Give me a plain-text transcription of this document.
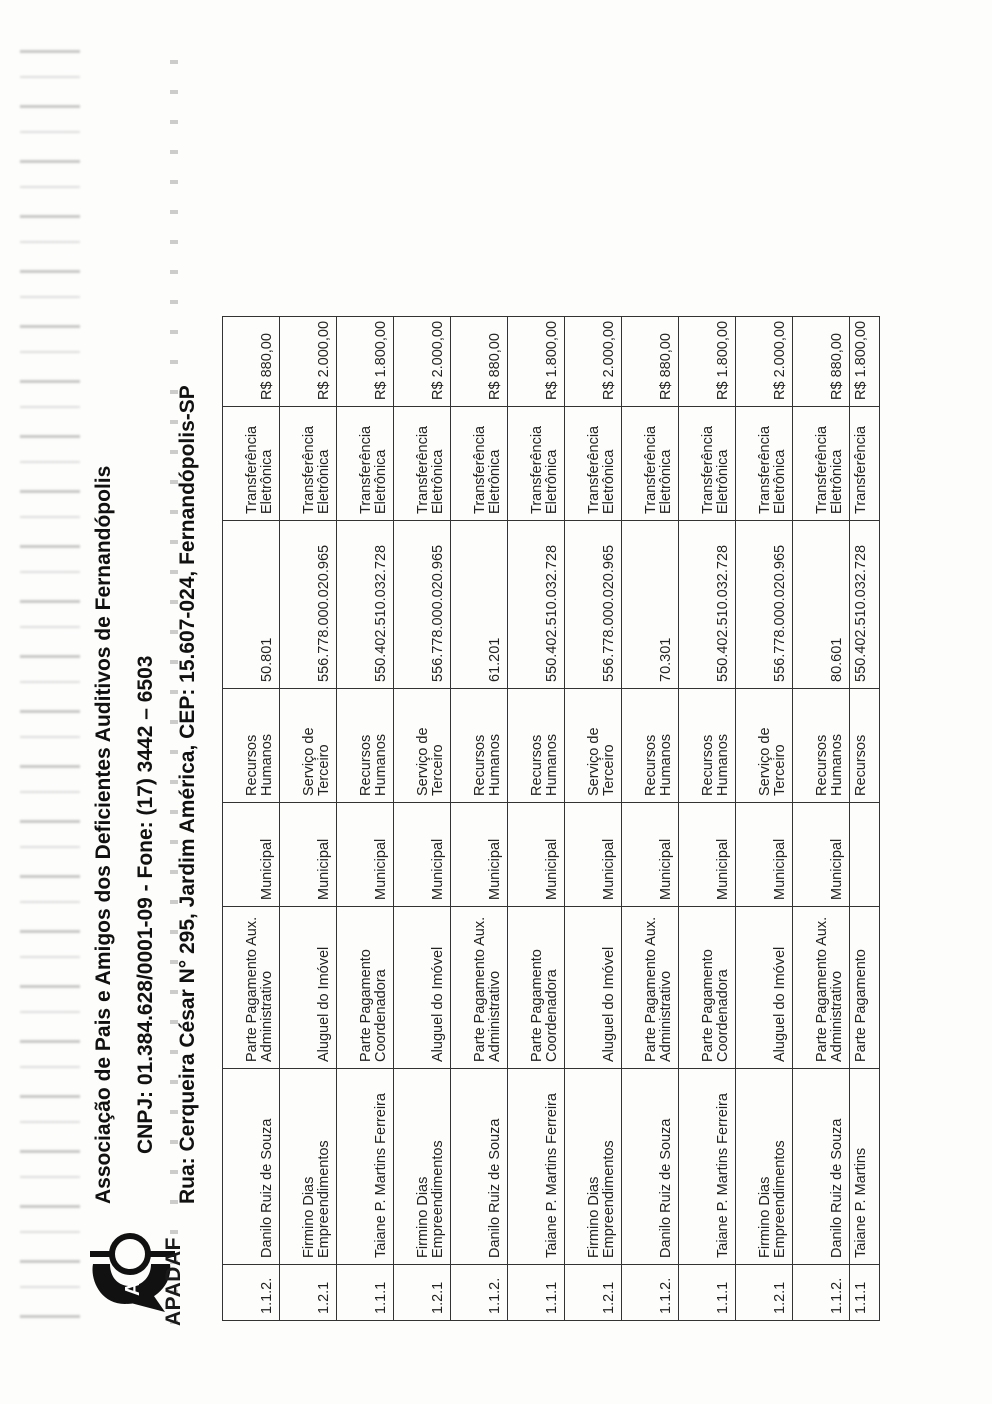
A APADAF
Associação de Pais e Amigos dos Deficientes Auditivos de Fernandópolis CNPJ: 01.384.628/0001-09 - Fone: (17) 3442 – 6503 Rua: Cerqueira César N° 295, Jardim América, CEP: 15.607-024, Fernandópolis-SP
1.1.2.	Danilo Ruiz de Souza	Parte Pagamento Aux. Administrativo	Municipal	Recursos Humanos	50.801	Transferência Eletrônica	R$ 880,00
1.2.1	Firmino Dias Empreendimentos	Aluguel do Imóvel	Municipal	Serviço de Terceiro	556.778.000.020.965	Transferência Eletrônica	R$ 2.000,00
1.1.1	Taiane P. Martins Ferreira	Parte Pagamento Coordenadora	Municipal	Recursos Humanos	550.402.510.032.728	Transferência Eletrônica	R$ 1.800,00
1.2.1	Firmino Dias Empreendimentos	Aluguel do Imóvel	Municipal	Serviço de Terceiro	556.778.000.020.965	Transferência Eletrônica	R$ 2.000,00
1.1.2.	Danilo Ruiz de Souza	Parte Pagamento Aux. Administrativo	Municipal	Recursos Humanos	61.201	Transferência Eletrônica	R$ 880,00
1.1.1	Taiane P. Martins Ferreira	Parte Pagamento Coordenadora	Municipal	Recursos Humanos	550.402.510.032.728	Transferência Eletrônica	R$ 1.800,00
1.2.1	Firmino Dias Empreendimentos	Aluguel do Imóvel	Municipal	Serviço de Terceiro	556.778.000.020.965	Transferência Eletrônica	R$ 2.000,00
1.1.2.	Danilo Ruiz de Souza	Parte Pagamento Aux. Administrativo	Municipal	Recursos Humanos	70.301	Transferência Eletrônica	R$ 880,00
1.1.1	Taiane P. Martins Ferreira	Parte Pagamento Coordenadora	Municipal	Recursos Humanos	550.402.510.032.728	Transferência Eletrônica	R$ 1.800,00
1.2.1	Firmino Dias Empreendimentos	Aluguel do Imóvel	Municipal	Serviço de Terceiro	556.778.000.020.965	Transferência Eletrônica	R$ 2.000,00
1.1.2.	Danilo Ruiz de Souza	Parte Pagamento Aux. Administrativo	Municipal	Recursos Humanos	80.601	Transferência Eletrônica	R$ 880,00
1.1.1	Taiane P. Martins	Parte Pagamento		Recursos	550.402.510.032.728	Transferência	R$ 1.800,00
